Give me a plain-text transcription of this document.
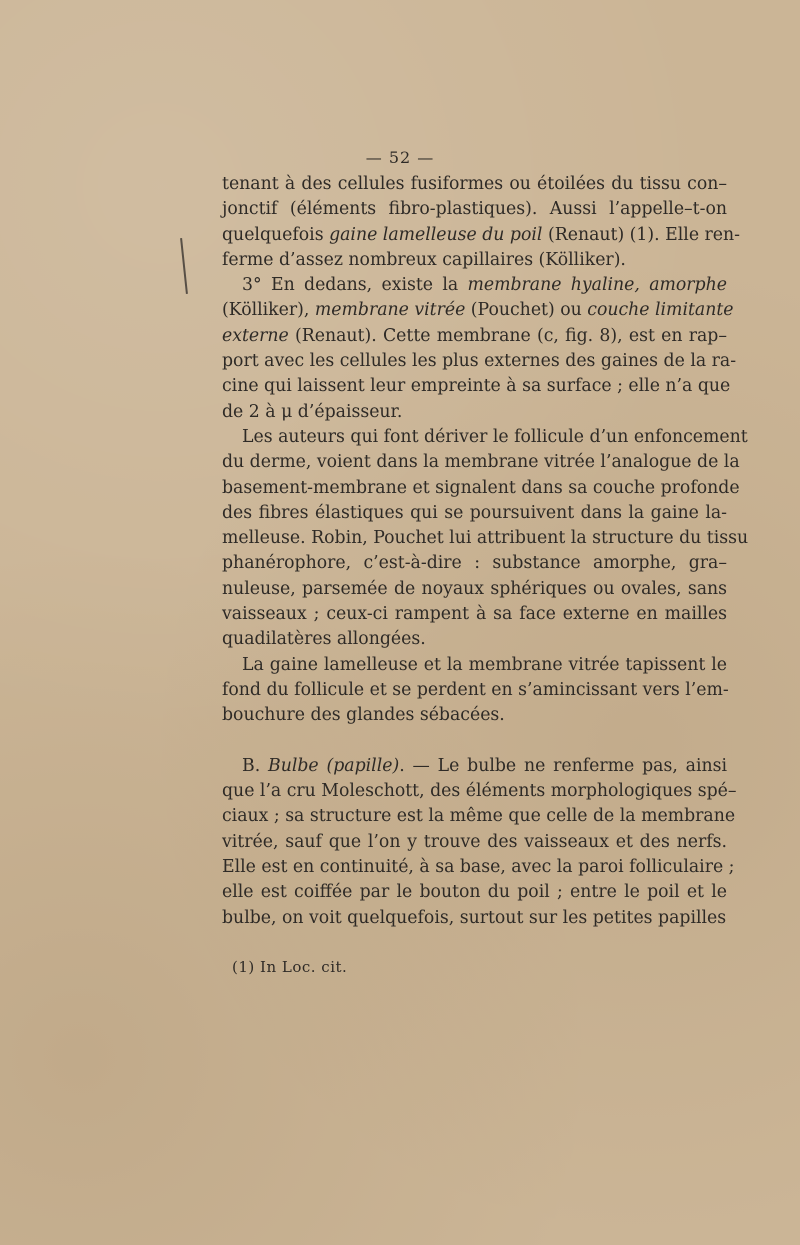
— 52 —
tenant à des cellules fusiformes ou étoilées du tissu con–
jonctif (éléments fibro-plastiques). Aussi l’appelle–t-on
quelquefois gaine lamelleuse du poil (Renaut) (1). Elle ren-
ferme d’assez nombreux capillaires (Kölliker).
3° En dedans, existe la membrane hyaline, amorphe
(Kölliker), membrane vitrée (Pouchet) ou couche limitante
externe (Renaut). Cette membrane (c, fig. 8), est en rap–
port avec les cellules les plus externes des gaines de la ra-
cine qui laissent leur empreinte à sa surface ; elle n’a que
de 2 à μ d’épaisseur.
Les auteurs qui font dériver le follicule d’un enfoncement
du derme, voient dans la membrane vitrée l’analogue de la
basement-membrane et signalent dans sa couche profonde
des fibres élastiques qui se poursuivent dans la gaine la-
melleuse. Robin, Pouchet lui attribuent la structure du tissu
phanérophore, c’est-à-dire : substance amorphe, gra–
nuleuse, parsemée de noyaux sphériques ou ovales, sans
vaisseaux ; ceux-ci rampent à sa face externe en mailles
quadilatères allongées.
La gaine lamelleuse et la membrane vitrée tapissent le
fond du follicule et se perdent en s’amincissant vers l’em-
bouchure des glandes sébacées.
B. Bulbe (papille). — Le bulbe ne renferme pas, ainsi
que l’a cru Moleschott, des éléments morphologiques spé–
ciaux ; sa structure est la même que celle de la membrane
vitrée, sauf que l’on y trouve des vaisseaux et des nerfs.
Elle est en continuité, à sa base, avec la paroi folliculaire ;
elle est coiffée par le bouton du poil ; entre le poil et le
bulbe, on voit quelquefois, surtout sur les petites papilles
(1) In Loc. cit.
